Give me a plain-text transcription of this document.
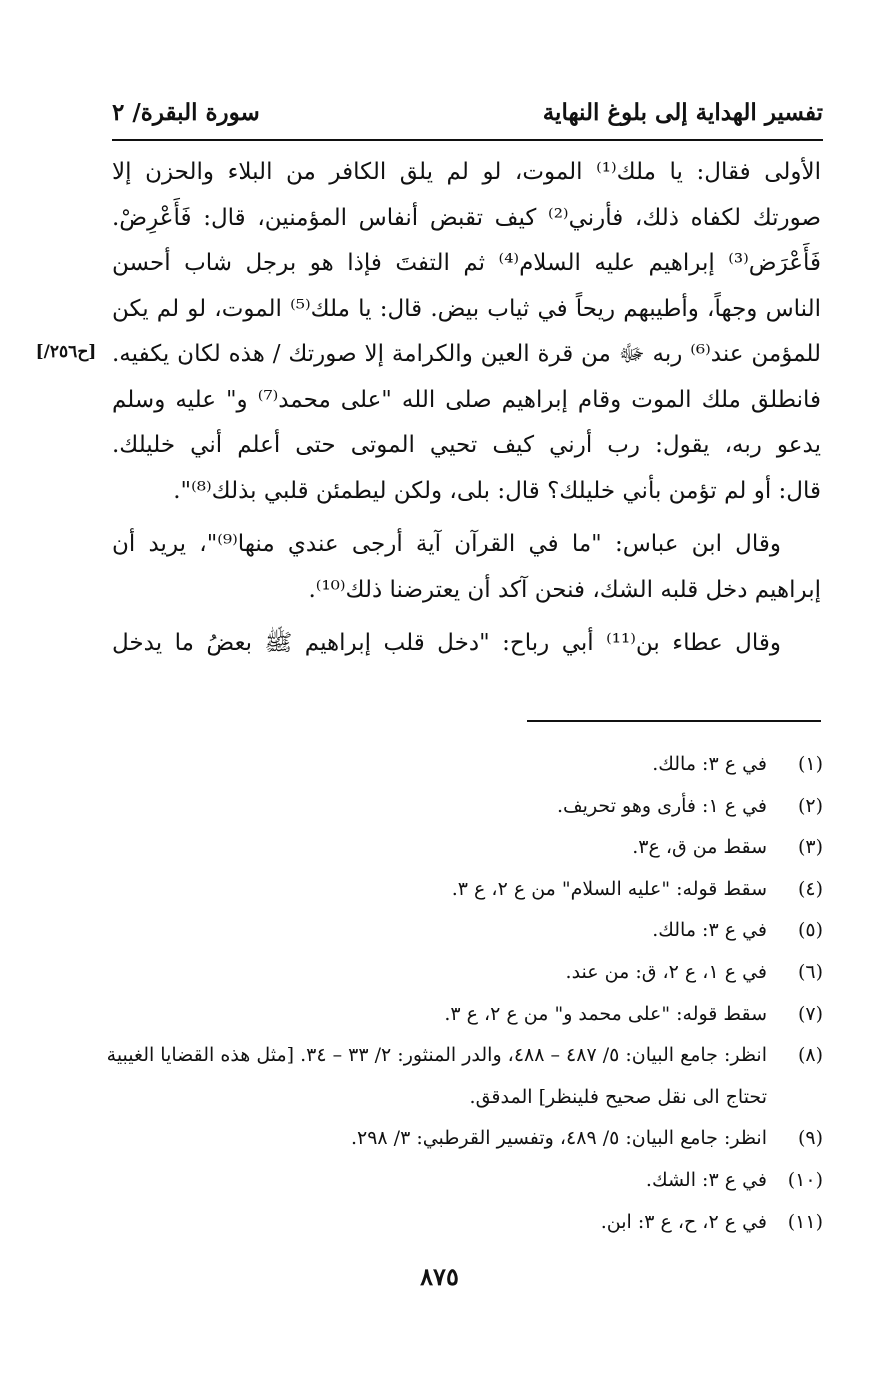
تفسير الهداية إلى بلوغ النهاية
سورة البقرة/ ٢
[ح٢٥٦/]

الأولى فقال: يا ملك⁽¹⁾ الموت، لو لم يلق الكافر من البلاء والحزن إلا صورتك لكفاه ذلك، فأرني⁽²⁾ كيف تقبض أنفاس المؤمنين، قال: فَأَعْرِضْ. فَأَعْرَض⁽³⁾ إبراهيم عليه السلام⁽⁴⁾ ثم التفتَ فإذا هو برجل شاب أحسن الناس وجهاً، وأطيبهم ريحاً في ثياب بيض. قال: يا ملك⁽⁵⁾ الموت، لو لم يكن للمؤمن عند⁽⁶⁾ ربه ﷻ من قرة العين والكرامة إلا صورتك / هذه لكان يكفيه. فانطلق ملك الموت وقام إبراهيم صلى الله "على محمد⁽⁷⁾ و" عليه وسلم يدعو ربه، يقول: رب أرني كيف تحيي الموتى حتى أعلم أني خليلك.

قال: أو لم تؤمن بأني خليلك؟ قال: بلى، ولكن ليطمئن قلبي بذلك⁽⁸⁾".

وقال ابن عباس: "ما في القرآن آية أرجى عندي منها⁽⁹⁾"، يريد أن إبراهيم دخل قلبه الشك، فنحن آكد أن يعترضنا ذلك⁽¹⁰⁾.

وقال عطاء بن⁽¹¹⁾ أبي رباح: "دخل قلب إبراهيم ﷺ بعضُ ما يدخل

(١)
في ع ٣: مالك.
(٢)
في ع ١: فأرى وهو تحريف.
(٣)
سقط من ق، ع٣.
(٤)
سقط قوله: "عليه السلام" من ع ٢، ع ٣.
(٥)
في ع ٣: مالك.
(٦)
في ع ١، ع ٢، ق: من عند.
(٧)
سقط قوله: "على محمد و" من ع ٢، ع ٣.
(٨)
انظر: جامع البيان: ٥/ ٤٨٧ – ٤٨٨، والدر المنثور: ٢/ ٣٣ – ٣٤. [مثل هذه القضايا الغيبية تحتاج الى نقل صحيح فلينظر] المدقق.
(٩)
انظر: جامع البيان: ٥/ ٤٨٩، وتفسير القرطبي: ٣/ ٢٩٨.
(١٠)
في ع ٣: الشك.
(١١)
في ع ٢، ح، ع ٣: ابن.
٨٧٥
